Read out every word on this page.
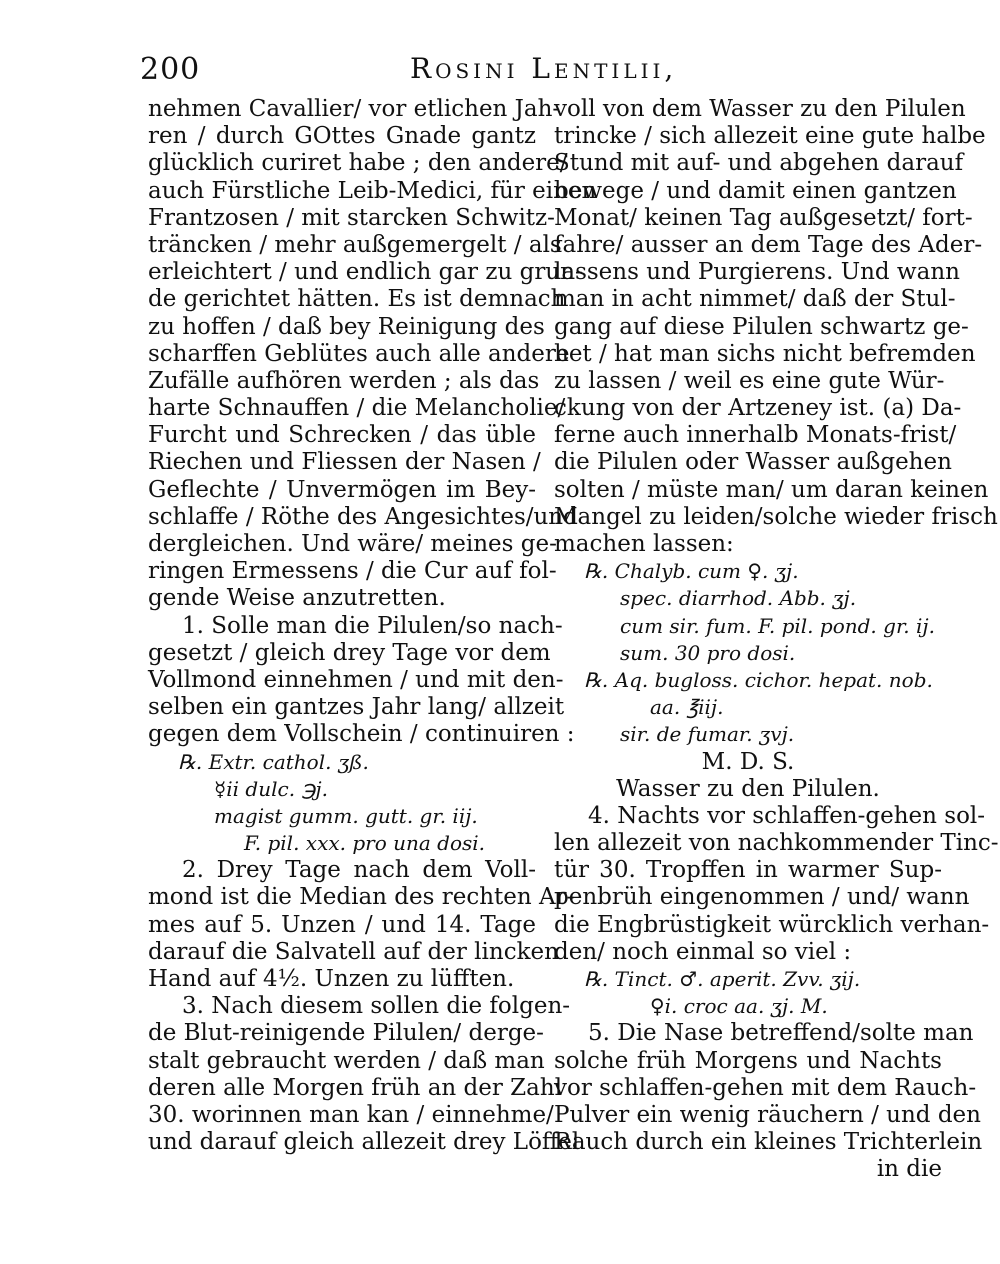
200	Rosini Lentilii,
nehmen Cavallier/ vor etlichen Jah-
ren / durch GOttes Gnade gantz
glücklich curiret habe ; den andere/
auch Fürstliche Leib-Medici, für einen
Frantzosen / mit starcken Schwitz-
träncken / mehr außgemergelt / als
erleichtert / und endlich gar zu grun-
de gerichtet hätten. Es ist demnach
zu hoffen / daß bey Reinigung des
scharffen Geblütes auch alle andere
Zufälle aufhören werden ; als das
harte Schnauffen / die Melancholie/
Furcht und Schrecken / das üble
Riechen und Fliessen der Nasen /
Geflechte / Unvermögen im Bey-
schlaffe / Röthe des Angesichtes/und
dergleichen. Und wäre/ meines ge-
ringen Ermessens / die Cur auf fol-
gende Weise anzutretten.
1. Solle man die Pilulen/so nach-
gesetzt / gleich drey Tage vor dem
Vollmond einnehmen / und mit den-
selben ein gantzes Jahr lang/ allzeit
gegen dem Vollschein / continuiren :
℞. Extr. cathol. ʒß.
☿ii dulc. ℈j.
magist gumm. gutt. gr. iij.
F. pil. xxx. pro una dosi.
2. Drey Tage nach dem Voll-
mond ist die Median des rechten Ar-
mes auf 5. Unzen / und 14. Tage
darauf die Salvatell auf der lincken
Hand auf 4½. Unzen zu lüfften.
3. Nach diesem sollen die folgen-
de Blut-reinigende Pilulen/ derge-
stalt gebraucht werden / daß man
deren alle Morgen früh an der Zahl
30. worinnen man kan / einnehme/
und darauf gleich allezeit drey Löffel
voll von dem Wasser zu den Pilulen
trincke / sich allezeit eine gute halbe
Stund mit auf- und abgehen darauf
bewege / und damit einen gantzen
Monat/ keinen Tag außgesetzt/ fort-
fahre/ ausser an dem Tage des Ader-
lassens und Purgierens. Und wann
man in acht nimmet/ daß der Stul-
gang auf diese Pilulen schwartz ge-
het / hat man sichs nicht befremden
zu lassen / weil es eine gute Wür-
ckung von der Artzeney ist. (a) Da-
ferne auch innerhalb Monats-frist/
die Pilulen oder Wasser außgehen
solten / müste man/ um daran keinen
Mangel zu leiden/solche wieder frisch
machen lassen:
℞. Chalyb. cum ♀. ʒj.
spec. diarrhod. Abb. ʒj.
cum sir. fum. F. pil. pond. gr. ij.
sum. 30 pro dosi.
℞. Aq. bugloss. cichor. hepat. nob.
aa. ℥iij.
sir. de fumar. ʒvj.
M. D. S.
Wasser zu den Pilulen.
4. Nachts vor schlaffen-gehen sol-
len allezeit von nachkommender Tinc-
tür 30. Tropffen in warmer Sup-
penbrüh eingenommen / und/ wann
die Engbrüstigkeit würcklich verhan-
den/ noch einmal so viel :
℞. Tinct. ♂. aperit. Zvv. ʒij.
♀i. croc aa. ʒj. M.
5. Die Nase betreffend/solte man
solche früh Morgens und Nachts
vor schlaffen-gehen mit dem Rauch-
Pulver ein wenig räuchern / und den
Rauch durch ein kleines Trichterlein
in die
